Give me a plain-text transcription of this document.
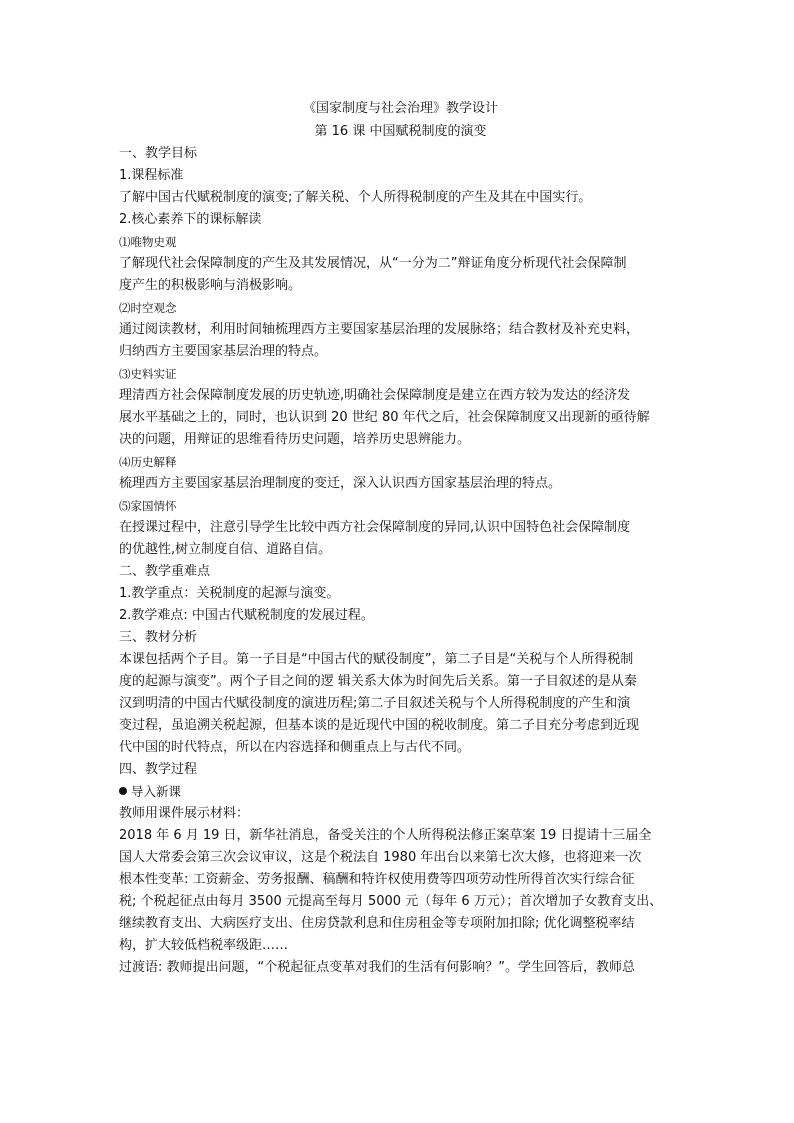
《国家制度与社会治理》教学设计
第 16 课 中国赋税制度的演变
一、教学目标
1.课程标准
了解中国古代赋税制度的演变;了解关税、个人所得税制度的产生及其在中国实行。
2.核心素养下的课标解读
⑴唯物史观
了解现代社会保障制度的产生及其发展情况，从“一分为二”辩证角度分析现代社会保障制
度产生的积极影响与消极影响。
⑵时空观念
通过阅读教材，利用时间轴梳理西方主要国家基层治理的发展脉络；结合教材及补充史料，
归纳西方主要国家基层治理的特点。
⑶史料实证
理清西方社会保障制度发展的历史轨迹,明确社会保障制度是建立在西方较为发达的经济发
展水平基础之上的，同时，也认识到 20 世纪 80 年代之后，社会保障制度又出现新的亟待解
决的问题，用辩证的思维看待历史问题，培养历史思辨能力。
⑷历史解释
梳理西方主要国家基层治理制度的变迁，深入认识西方国家基层治理的特点。
⑸家国情怀
在授课过程中，注意引导学生比较中西方社会保障制度的异同,认识中国特色社会保障制度
的优越性,树立制度自信、道路自信。
二、教学重难点
1.教学重点：关税制度的起源与演变。
2.教学难点: 中国古代赋税制度的发展过程。
三、教材分析
本课包括两个子目。第一子目是“中国古代的赋役制度”，第二子目是“关税与个人所得税制
度的起源与演变”。两个子目之间的逻 辑关系大体为时间先后关系。第一子目叙述的是从秦
汉到明清的中国古代赋役制度的演进历程;第二子目叙述关税与个人所得税制度的产生和演
变过程，虽追溯关税起源，但基本谈的是近现代中国的税收制度。第二子目充分考虑到近现
代中国的时代特点，所以在内容选择和侧重点上与古代不同。
四、教学过程
导入新课
教师用课件展示材料：
2018 年 6 月 19 日，新华社消息，备受关注的个人所得税法修正案草案 19 日提请十三届全
国人大常委会第三次会议审议，这是个税法自 1980 年出台以来第七次大修，也将迎来一次
根本性变革: 工资薪金、劳务报酬、稿酬和特许权使用费等四项劳动性所得首次实行综合征
税; 个税起征点由每月 3500 元提高至每月 5000 元（每年 6 万元）；首次增加子女教育支出、
继续教育支出、大病医疗支出、住房贷款利息和住房租金等专项附加扣除; 优化调整税率结
构，扩大较低档税率级距……
过渡语: 教师提出问题，“个税起征点变革对我们的生活有何影响？”。学生回答后，教师总
